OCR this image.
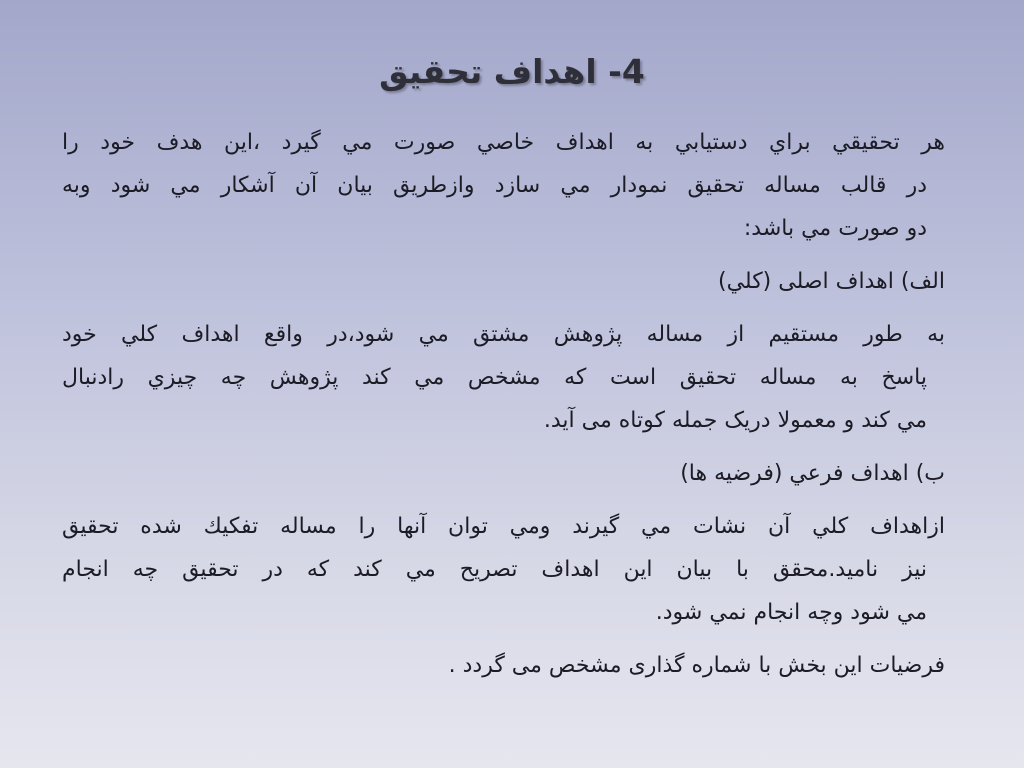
4- اهداف تحقيق

هر تحقيقي براي دستيابي به اهداف خاصي صورت مي گيرد ،اين هدف خود را
در قالب مساله تحقيق نمودار مي سازد وازطريق بيان آن آشكار مي شود وبه
دو صورت مي باشد:

الف) اهداف اصلی (كلي)

به طور مستقيم از مساله پژوهش مشتق مي شود،در واقع اهداف كلي خود
پاسخ به مساله تحقيق است كه مشخص مي كند پژوهش چه چيزي رادنبال
مي كند و معمولا دریک جمله کوتاه می آید.

ب) اهداف فرعي (فرضيه ها)

ازاهداف كلي آن نشات مي گيرند ومي توان آنها را مساله تفكيك شده تحقيق
نيز ناميد.محقق با بيان اين اهداف تصريح مي كند كه در تحقيق چه انجام
مي شود وچه انجام نمي شود.

فرضيات اين بخش با شماره گذاری مشخص می گردد .
